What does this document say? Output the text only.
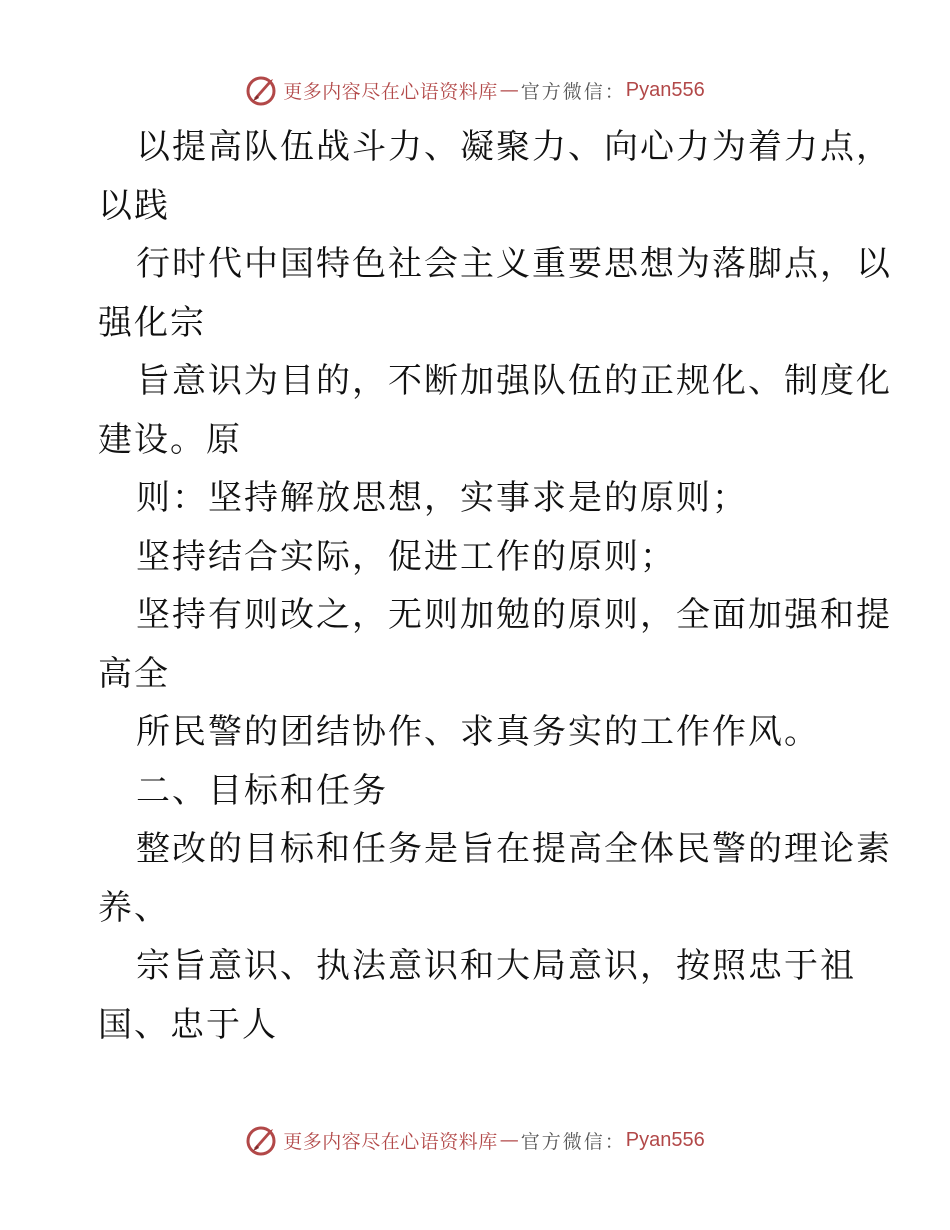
更多内容尽在心语资料库 — 官方微信： Pyan556
以提高队伍战斗力、凝聚力、向心力为着力点，
以践
行时代中国特色社会主义重要思想为落脚点，以
强化宗
旨意识为目的，不断加强队伍的正规化、制度化
建设。原
则：坚持解放思想，实事求是的原则；
坚持结合实际，促进工作的原则；
坚持有则改之，无则加勉的原则，全面加强和提
高全
所民警的团结协作、求真务实的工作作风。
二、目标和任务
整改的目标和任务是旨在提高全体民警的理论素
养、
宗旨意识、执法意识和大局意识，按照忠于祖
国、忠于人
更多内容尽在心语资料库 — 官方微信： Pyan556
